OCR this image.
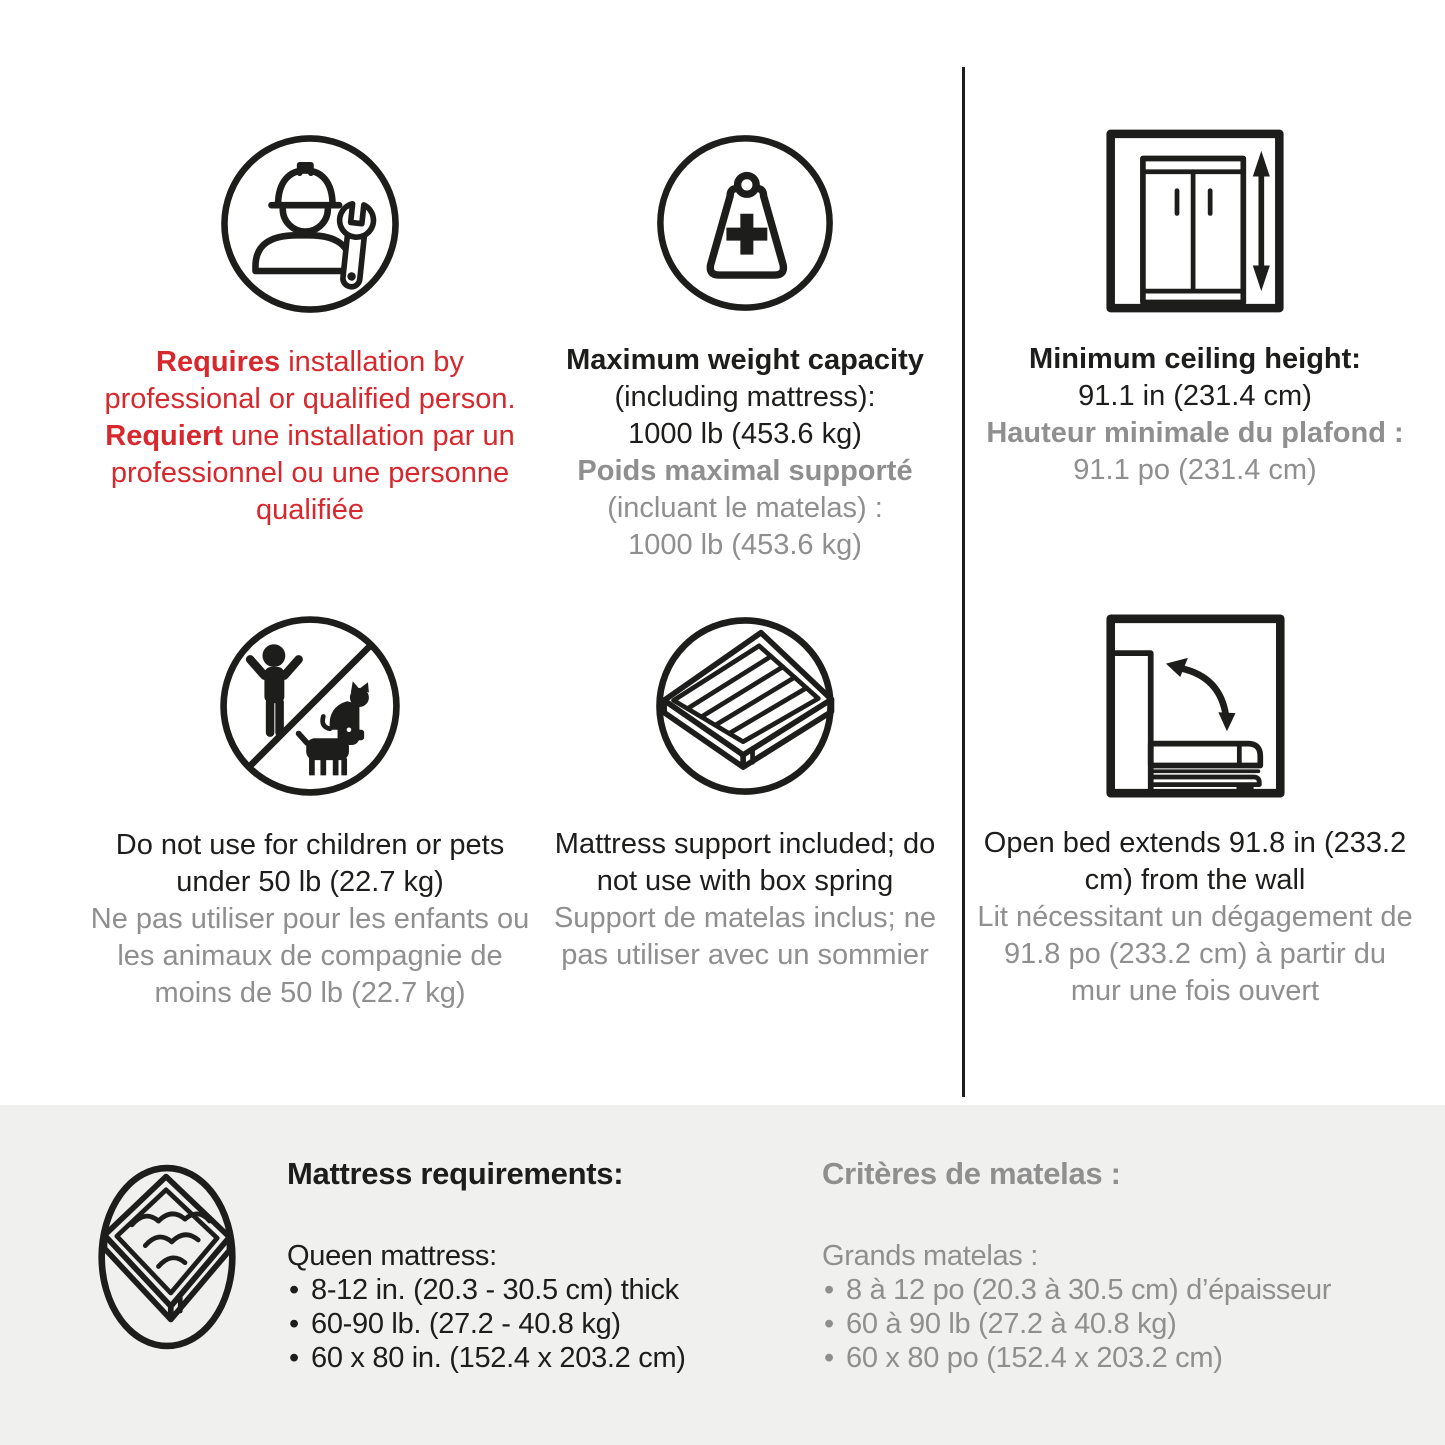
Requires installation by professional or qualified person. Requiert une installation par un professionnel ou une personne qualifiée

Maximum weight capacity
(including mattress):
1000 lb (453.6 kg)
Poids maximal supporté
(incluant le matelas) :
1000 lb (453.6 kg)
Minimum ceiling height:
91.1 in (231.4 cm)
Hauteur minimale du plafond :
91.1 po (231.4 cm)

Do not use for children or pets under 50 lb (22.7 kg)

Ne pas utiliser pour les enfants ou les animaux de compagnie de moins de 50 lb (22.7 kg)

Mattress support included; do not use with box spring

Support de matelas inclus; ne pas utiliser avec un sommier

Open bed extends 91.8 in (233.2 cm) from the wall

Lit nécessitant un dégagement de 91.8 po (233.2 cm) à partir du mur une fois ouvert

Mattress requirements:
Queen mattress:
• 8-12 in. (20.3 - 30.5 cm) thick
• 60-90 lb. (27.2 - 40.8 kg)
• 60 x 80 in. (152.4 x 203.2 cm)
Critères de matelas :
Grands matelas :
• 8 à 12 po (20.3 à 30.5 cm) d’épaisseur
• 60 à 90 lb (27.2 à 40.8 kg)
• 60 x 80 po (152.4 x 203.2 cm)
